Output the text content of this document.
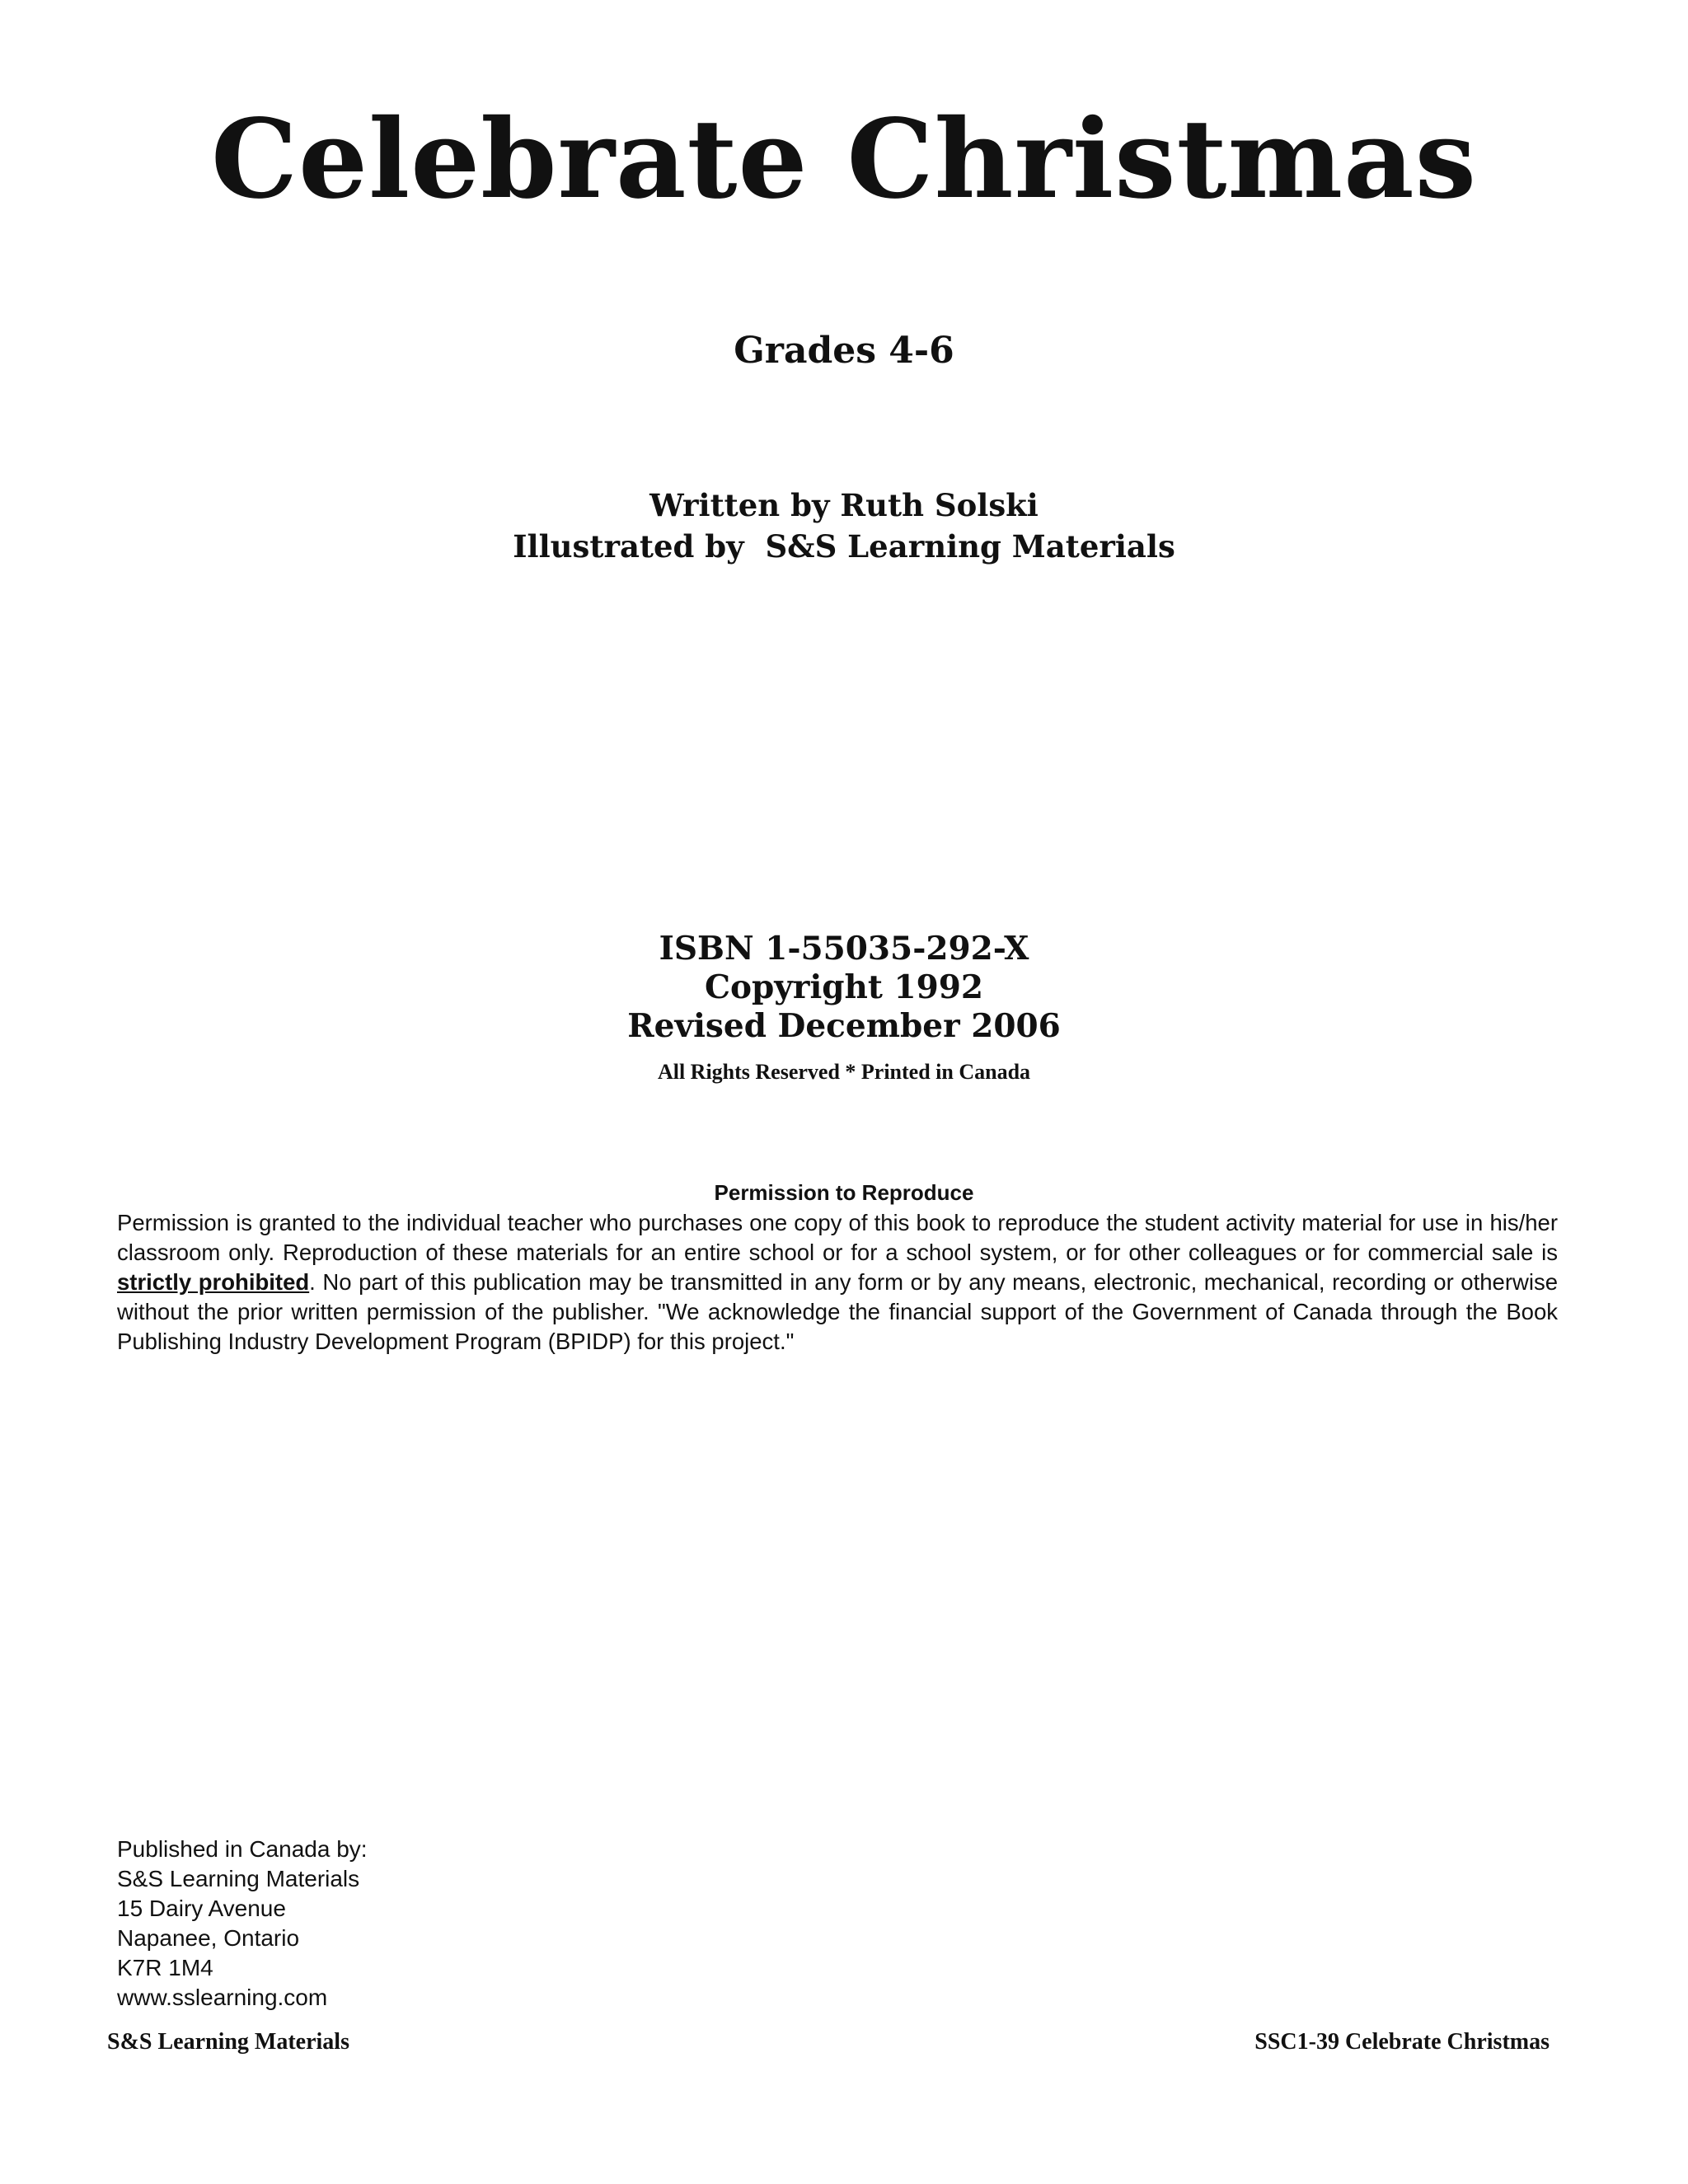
Celebrate Christmas
Grades 4-6
Written by Ruth Solski
Illustrated by  S&S Learning Materials
ISBN 1-55035-292-X
Copyright 1992
Revised December 2006
All Rights Reserved * Printed in Canada
Permission to Reproduce
Permission is granted to the individual teacher who purchases one copy of this book to reproduce the student activity material for use in his/her classroom only. Reproduction of these materials for an entire school or for a school system, or for other colleagues or for commercial sale is strictly prohibited. No part of this publication may be transmitted in any form or by any means, electronic, mechanical, recording or otherwise without the prior written permission of the publisher. "We acknowledge the financial support of the Government of Canada through the Book Publishing Industry Development Program (BPIDP) for this project."
Published in Canada by:
S&S Learning Materials
15 Dairy Avenue
Napanee, Ontario
K7R 1M4
www.sslearning.com
S&S Learning Materials	SSC1-39 Celebrate Christmas
